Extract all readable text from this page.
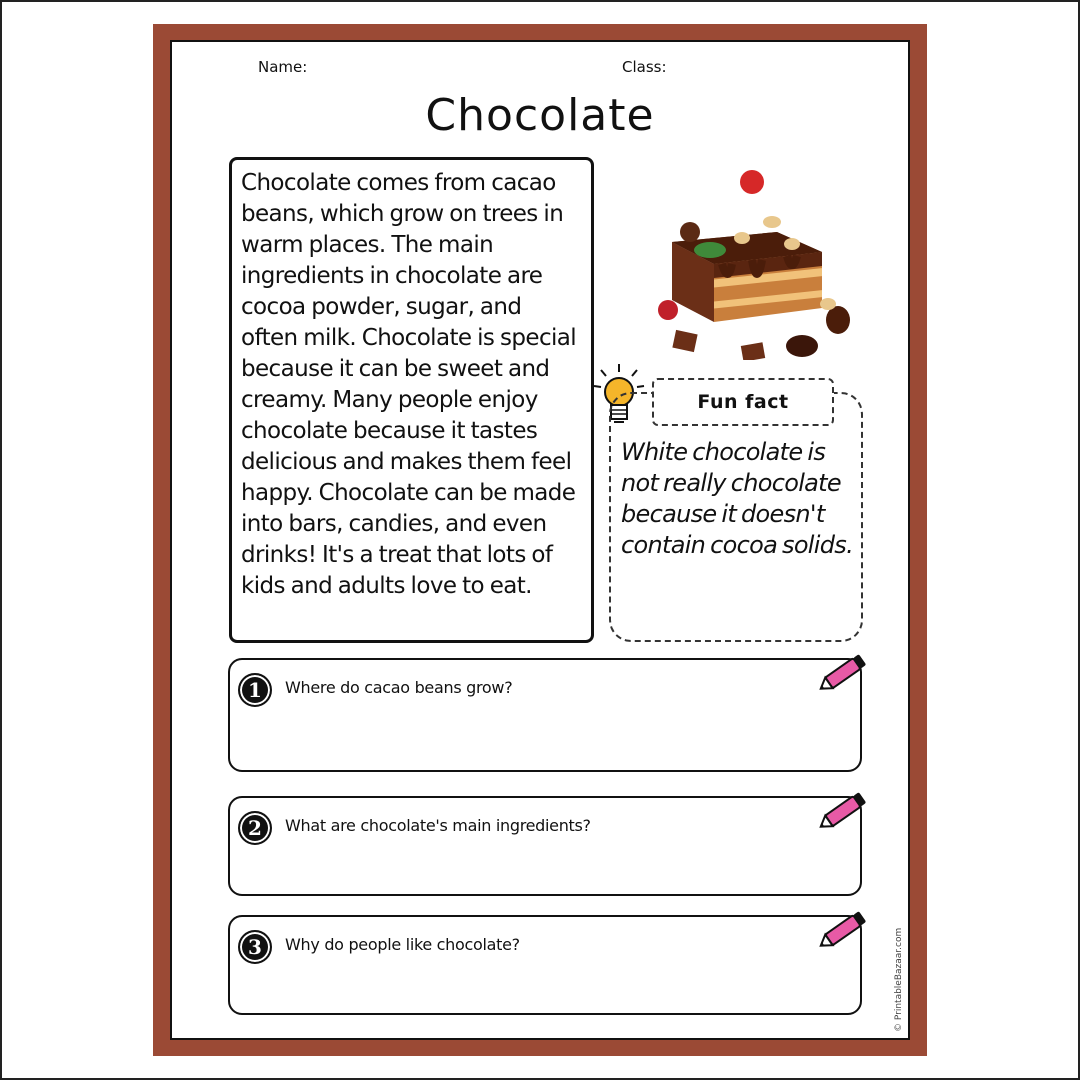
Name:	Class:
Chocolate

Chocolate comes from cacao beans, which grow on trees in warm places. The main ingredients in chocolate are cocoa powder, sugar, and often milk. Chocolate is special because it can be sweet and creamy. Many people enjoy chocolate because it tastes delicious and makes them feel happy. Chocolate can be made into bars, candies, and even drinks! It's a treat that lots of kids and adults love to eat.

Fun fact

White chocolate is not really chocolate because it doesn't contain cocoa solids.

1	Where do cacao beans grow?
2	What are chocolate's main ingredients?
3	Why do people like chocolate?	© PrintableBazaar.com
